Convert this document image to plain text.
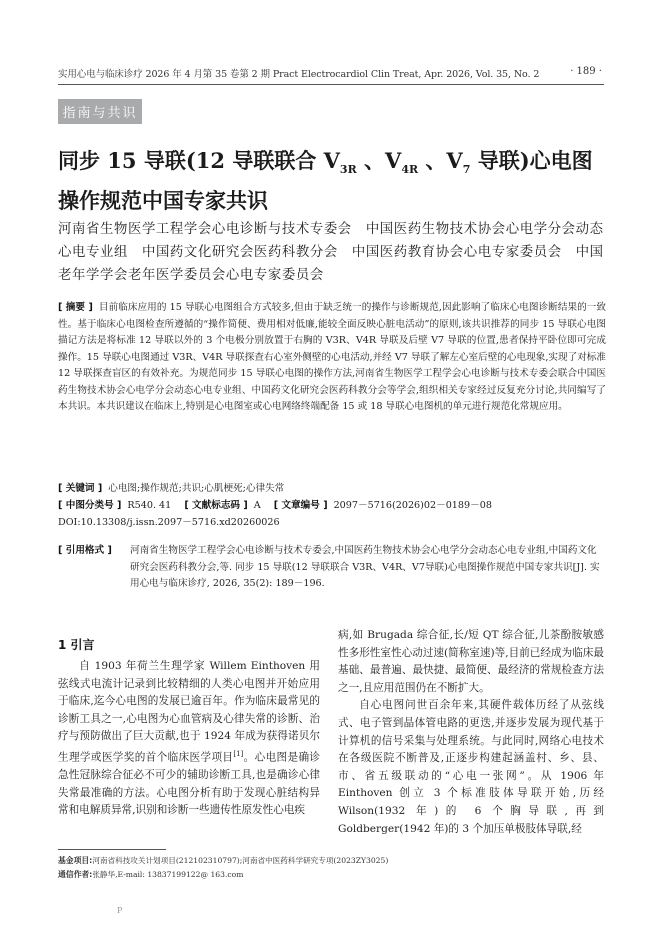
实用心电与临床诊疗 2026 年 4 月第 35 卷第 2 期 Pract Electrocardiol Clin Treat, Apr. 2026, Vol. 35, No. 2	· 189 ·
指南与共识
同步 15 导联(12 导联联合 $V_{3R}$ 、$V_{4R}$ 、$V_7$ 导联)心电图
操作规范中国专家共识
河南省生物医学工程学会心电诊断与技术专委会 中国医药生物技术协会心电学分会动态心电专业组 中国药文化研究会医药科教分会 中国医药教育协会心电专家委员会 中国老年学学会老年医学委员会心电专家委员会
[ 摘要 ] 目前临床应用的 15 导联心电图组合方式较多,但由于缺乏统一的操作与诊断规范,因此影响了临床心电图诊断结果的一致性。基于临床心电图检查所遵循的“操作简便、费用相对低廉,能较全面反映心脏电活动”的原则,该共识推荐的同步 15 导联心电图描记方法是将标准 12 导联以外的 3 个电极分别放置于右胸的 V3R、V4R 导联及后壁 V7 导联的位置,患者保持平卧位即可完成操作。15 导联心电图通过 V3R、V4R 导联探查右心室外侧壁的心电活动,并经 V7 导联了解左心室后壁的心电现象,实现了对标准 12 导联探查盲区的有效补充。为规范同步 15 导联心电图的操作方法,河南省生物医学工程学会心电诊断与技术专委会联合中国医药生物技术协会心电学分会动态心电专业组、中国药文化研究会医药科教分会等学会,组织相关专家经过反复充分讨论,共同编写了本共识。本共识建议在临床上,特别是心电图室或心电网络终端配备 15 或 18 导联心电图机的单元进行规范化常规应用。
[ 关键词 ] 心电图;操作规范;共识;心肌梗死;心律失常
[ 中图分类号 ] R540. 41 [ 文献标志码 ] A [ 文章编号 ] 2097－5716(2026)02－0189－08
DOI:10.13308/j.issn.2097－5716.xd20260026
[ 引用格式 ] 河南省生物医学工程学会心电诊断与技术专委会,中国医药生物技术协会心电学分会动态心电专业组,中国药文化研究会医药科教分会,等. 同步 15 导联(12 导联联合 V3R、V4R、V7导联)心电图操作规范中国专家共识[J]. 实用心电与临床诊疗, 2026, 35(2): 189－196.
1 引言

自 1903 年荷兰生理学家 Willem Einthoven 用弦线式电流计记录到比较精细的人类心电图并开始应用于临床,迄今心电图的发展已逾百年。作为临床最常见的诊断工具之一,心电图为心血管病及心律失常的诊断、治疗与预防做出了巨大贡献,也于 1924 年成为获得诺贝尔生理学或医学奖的首个临床医学项目[1]。心电图是确诊急性冠脉综合征必不可少的辅助诊断工具,也是确诊心律失常最准确的方法。心电图分析有助于发现心脏结构异常和电解质异常,识别和诊断一些遗传性原发性心电疾

病,如 Brugada 综合征,长/短 QT 综合征,儿茶酚胺敏感性多形性室性心动过速(简称室速)等,目前已经成为临床最基础、最普遍、最快捷、最简便、最经济的常规检查方法之一,且应用范围仍在不断扩大。

自心电图问世百余年来,其硬件载体历经了从弦线式、电子管到晶体管电路的更迭,并逐步发展为现代基于计算机的信号采集与处理系统。与此同时,网络心电技术在各级医院不断普及,正逐步构建起涵盖村、乡、县、市、省五级联动的“心电一张网”。从 1906 年 Einthoven 创立 3 个标准肢体导联开始,历经 Wilson(1932 年)的 6 个胸导联,再到 Goldberger(1942 年)的 3 个加压单极肢体导联,经

基金项目:河南省科技攻关计划项目(212102310797);河南省中医药科学研究专项(2023ZY3025)
通信作者:张静华,E-mail: 13837199122@ 163.com
P
